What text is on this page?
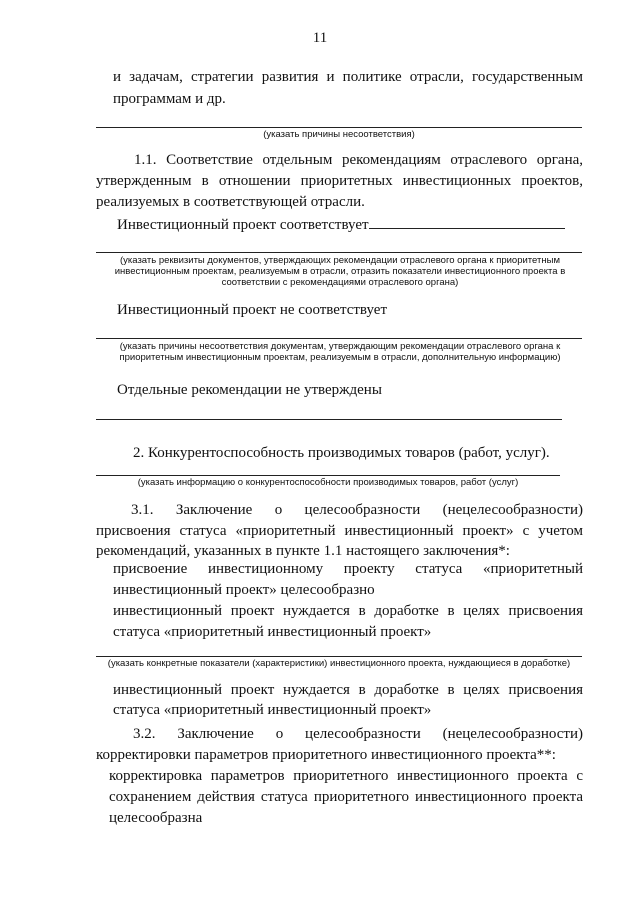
11
и задачам, стратегии развития и политике отрасли, государственным программам и др.
(указать причины несоответствия)
1.1. Соответствие отдельным рекомендациям отраслевого органа, утвержденным в отношении приоритетных инвестиционных проектов, реализуемых в соответствующей отрасли.
Инвестиционный проект соответствует
(указать реквизиты документов, утверждающих рекомендации отраслевого органа к приоритетным инвестиционным проектам, реализуемым в отрасли, отразить показатели инвестиционного проекта в соответствии с рекомендациями отраслевого органа)
Инвестиционный проект не соответствует
(указать причины несоответствия документам, утверждающим рекомендации отраслевого органа к приоритетным инвестиционным проектам, реализуемым в отрасли, дополнительную информацию)
Отдельные рекомендации не утверждены
2. Конкурентоспособность производимых товаров (работ, услуг).
(указать информацию о конкурентоспособности производимых товаров, работ (услуг)
3.1. Заключение о целесообразности (нецелесообразности) присвоения статуса «приоритетный инвестиционный проект» с учетом рекомендаций, указанных в пункте 1.1 настоящего заключения*:
присвоение инвестиционному проекту статуса «приоритетный инвестиционный проект» целесообразно
инвестиционный проект нуждается в доработке в целях присвоения статуса «приоритетный инвестиционный проект»
(указать конкретные показатели (характеристики) инвестиционного проекта, нуждающиеся в доработке)
инвестиционный проект нуждается в доработке в целях присвоения статуса «приоритетный инвестиционный проект»
3.2. Заключение о целесообразности (нецелесообразности) корректировки параметров приоритетного инвестиционного проекта**:
корректировка параметров приоритетного инвестиционного проекта с сохранением действия статуса приоритетного инвестиционного проекта целесообразна
